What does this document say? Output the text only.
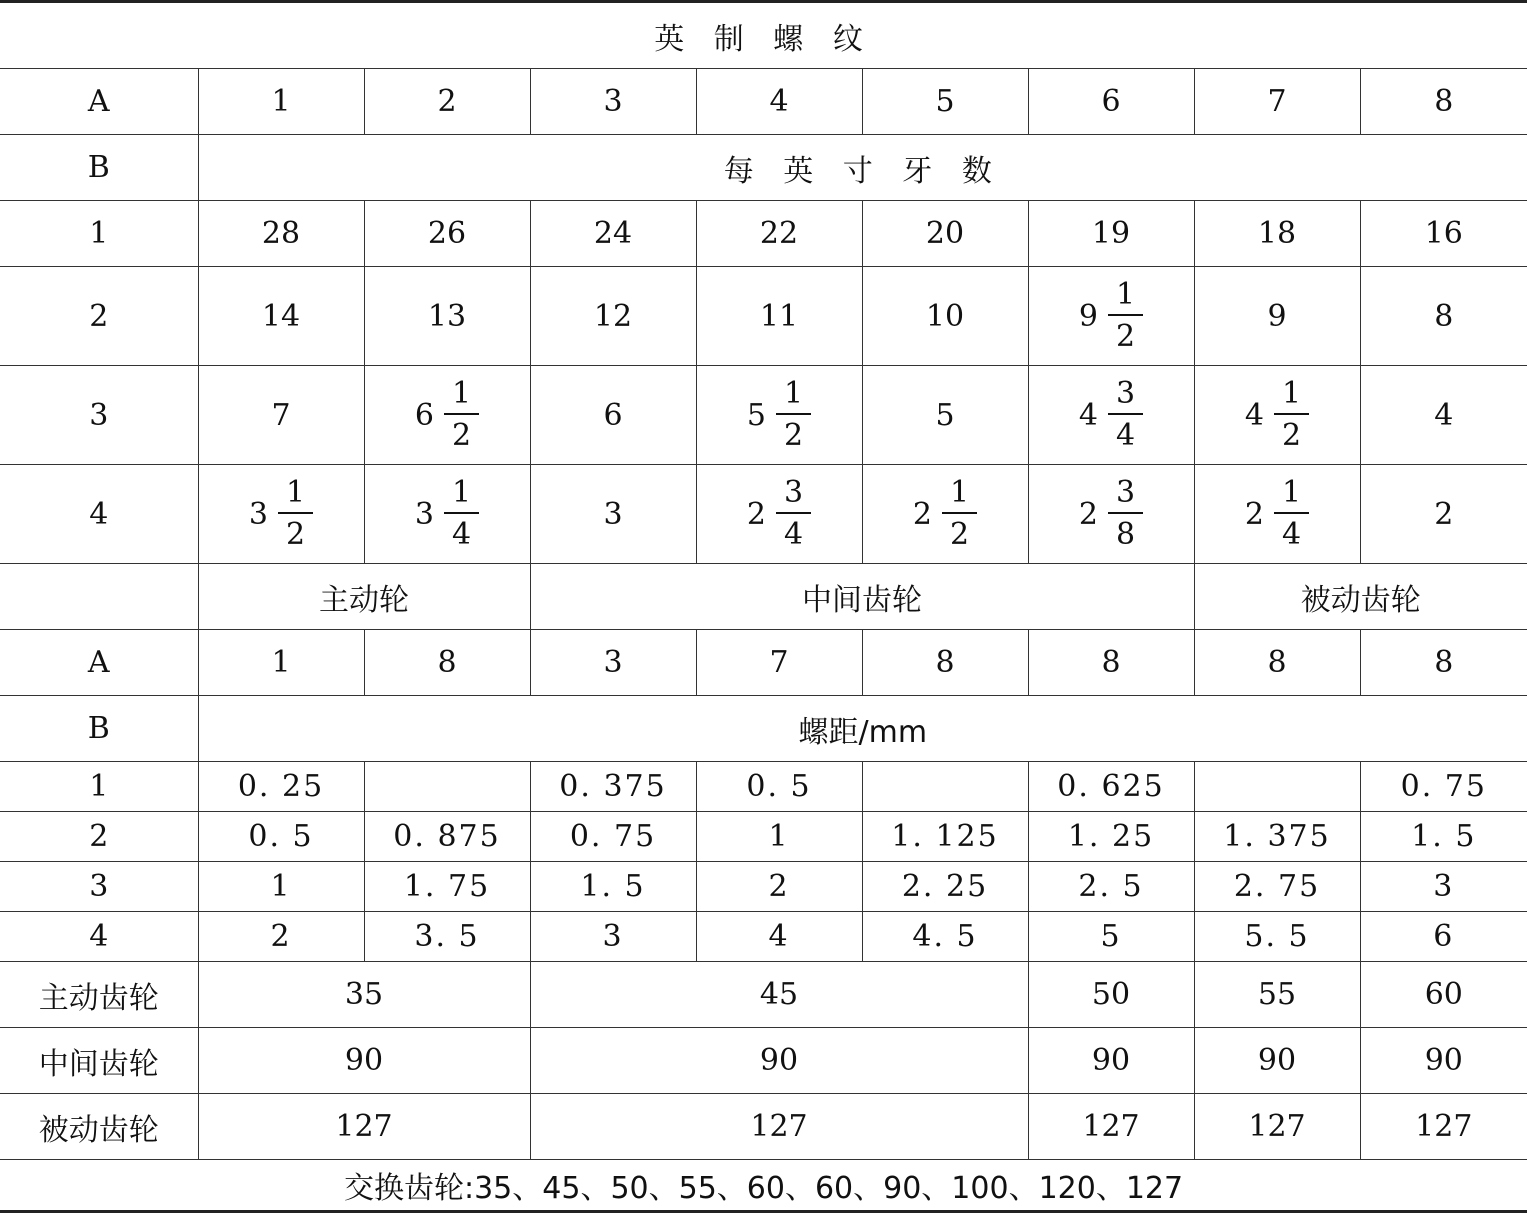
英 制 螺 纹								
A	1	2	3	4	5	6	7	8
B	每 英 寸 牙 数							
1	28	26	24	22	20	19	18	16

2	14	13	12	11	10	$9 \frac{1}{2}$	9	8

3	7	$6 \frac{1}{2}$	6	$5 \frac{1}{2}$	5	$4 \frac{3}{4}$	$4 \frac{1}{2}$	4

4	$3 \frac{1}{2}$	$3 \frac{1}{4}$	3	$2 \frac{3}{4}$	$2 \frac{1}{2}$	$2 \frac{3}{8}$	$2 \frac{1}{4}$	2

	主动轮		中间齿轮				被动齿轮	
A	1	8	3	7	8	8	8	8
B	螺距/mm							
1	0. 25		0. 375	0. 5		0. 625		0. 75
2	0. 5	0. 875	0. 75	1	1. 125	1. 25	1. 375	1. 5
3	1	1. 75	1. 5	2	2. 25	2. 5	2. 75	3
4	2	3. 5	3	4	4. 5	5	5. 5	6
主动齿轮	35		45			50	55	60
中间齿轮	90		90			90	90	90
被动齿轮	127		127			127	127	127
交换齿轮:35、45、50、55、60、60、90、100、120、127								
